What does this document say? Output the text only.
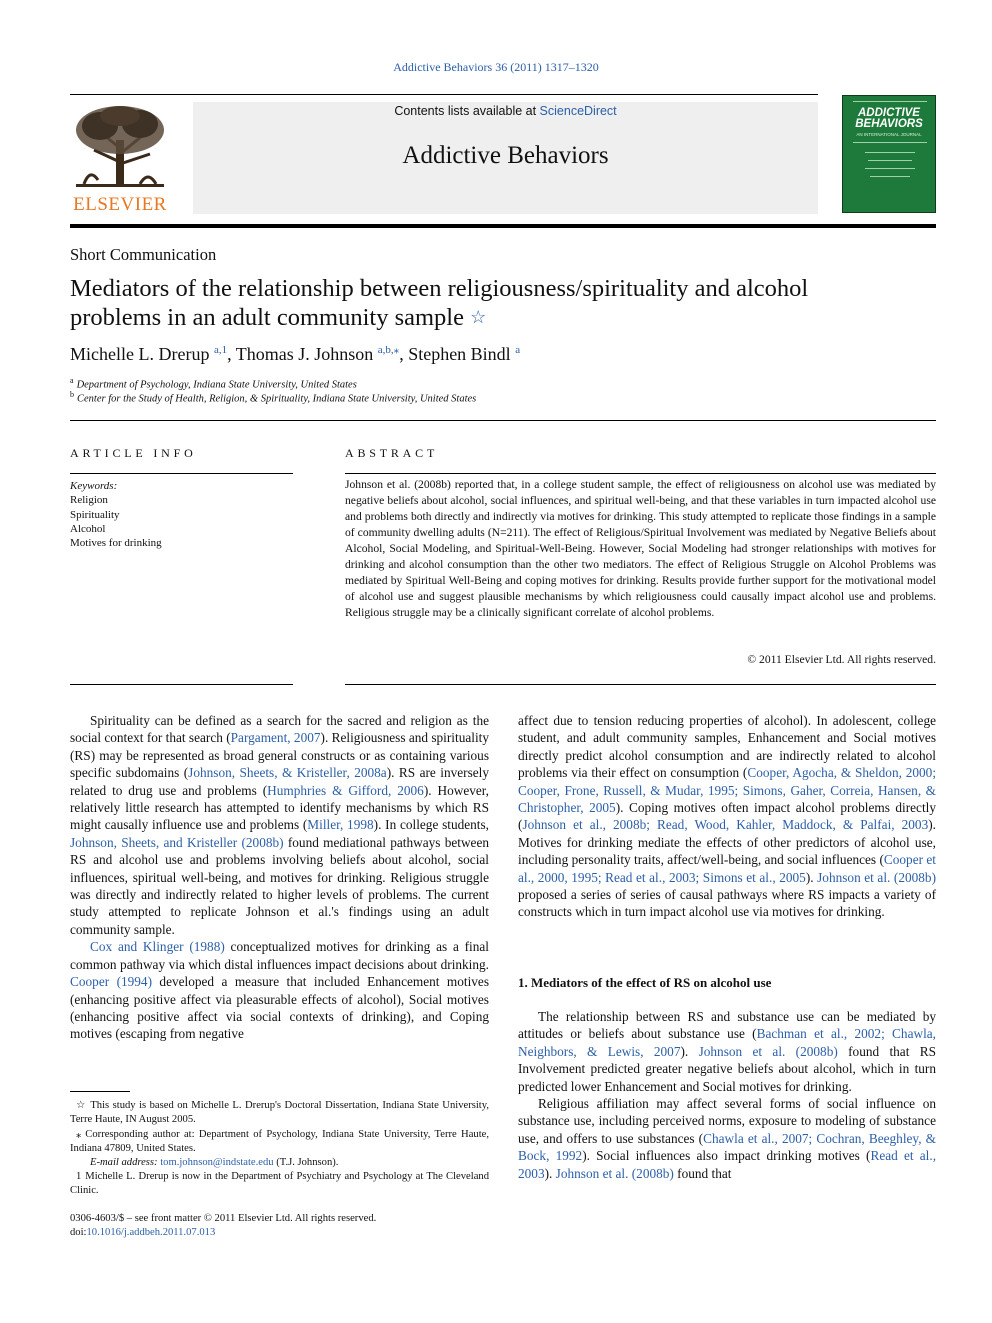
Addictive Behaviors 36 (2011) 1317–1320
ELSEVIER
Contents lists available at ScienceDirect
Addictive Behaviors
ADDICTIVE BEHAVIORS
AN INTERNATIONAL JOURNAL
Short Communication
Mediators of the relationship between religiousness/spirituality and alcohol
problems in an adult community sample ☆
Michelle L. Drerup $^{a,1}$, Thomas J. Johnson $^{a,b,⁎}$, Stephen Bindl $^a$
$^a$ Department of Psychology, Indiana State University, United States
$^b$ Center for the Study of Health, Religion, & Spirituality, Indiana State University, United States
ARTICLE INFO
Keywords:
Religion
Spirituality
Alcohol
Motives for drinking
ABSTRACT
Johnson et al. (2008b) reported that, in a college student sample, the effect of religiousness on alcohol use was mediated by negative beliefs about alcohol, social influences, and spiritual well-being, and that these variables in turn impacted alcohol use and problems both directly and indirectly via motives for drinking. This study attempted to replicate those findings in a sample of community dwelling adults (N=211). The effect of Religious/Spiritual Involvement was mediated by Negative Beliefs about Alcohol, Social Modeling, and Spiritual-Well-Being. However, Social Modeling had stronger relationships with motives for drinking and alcohol consumption than the other two mediators. The effect of Religious Struggle on Alcohol Problems was mediated by Spiritual Well-Being and coping motives for drinking. Results provide further support for the motivational model of alcohol use and suggest plausible mechanisms by which religiousness could causally impact alcohol use and problems. Religious struggle may be a clinically significant correlate of alcohol problems.
© 2011 Elsevier Ltd. All rights reserved.

Spirituality can be defined as a search for the sacred and religion as the social context for that search (Pargament, 2007). Religiousness and spirituality (RS) may be represented as broad general constructs or as containing various specific subdomains (Johnson, Sheets, & Kristeller, 2008a). RS are inversely related to drug use and problems (Humphries & Gifford, 2006). However, relatively little research has attempted to identify mechanisms by which RS might causally influence use and problems (Miller, 1998). In college students, Johnson, Sheets, and Kristeller (2008b) found mediational pathways between RS and alcohol use and problems involving beliefs about alcohol, social influences, spiritual well-being, and motives for drinking. Religious struggle was directly and indirectly related to higher levels of problems. The current study attempted to replicate Johnson et al.'s findings using an adult community sample.

Cox and Klinger (1988) conceptualized motives for drinking as a final common pathway via which distal influences impact decisions about drinking. Cooper (1994) developed a measure that included Enhancement motives (enhancing positive affect via pleasurable effects of alcohol), Social motives (enhancing positive affect via social contexts of drinking), and Coping motives (escaping from negative

affect due to tension reducing properties of alcohol). In adolescent, college student, and adult community samples, Enhancement and Social motives directly predict alcohol consumption and are indirectly related to alcohol problems via their effect on consumption (Cooper, Agocha, & Sheldon, 2000; Cooper, Frone, Russell, & Mudar, 1995; Simons, Gaher, Correia, Hansen, & Christopher, 2005). Coping motives often impact alcohol problems directly (Johnson et al., 2008b; Read, Wood, Kahler, Maddock, & Palfai, 2003). Motives for drinking mediate the effects of other predictors of alcohol use, including personality traits, affect/well-being, and social influences (Cooper et al., 2000, 1995; Read et al., 2003; Simons et al., 2005). Johnson et al. (2008b) proposed a series of series of causal pathways where RS impacts a variety of constructs which in turn impact alcohol use via motives for drinking.

1. Mediators of the effect of RS on alcohol use

The relationship between RS and substance use can be mediated by attitudes or beliefs about substance use (Bachman et al., 2002; Chawla, Neighbors, & Lewis, 2007). Johnson et al. (2008b) found that RS Involvement predicted greater negative beliefs about alcohol, which in turn predicted lower Enhancement and Social motives for drinking.

Religious affiliation may affect several forms of social influence on substance use, including perceived norms, exposure to modeling of substance use, and offers to use substances (Chawla et al., 2007; Cochran, Beeghley, & Bock, 1992). Social influences also impact drinking motives (Read et al., 2003). Johnson et al. (2008b) found that

☆ This study is based on Michelle L. Drerup's Doctoral Dissertation, Indiana State University, Terre Haute, IN August 2005.
⁎ Corresponding author at: Department of Psychology, Indiana State University, Terre Haute, Indiana 47809, United States.
E-mail address: tom.johnson@indstate.edu (T.J. Johnson).
1 Michelle L. Drerup is now in the Department of Psychiatry and Psychology at The Cleveland Clinic.
0306-4603/$ – see front matter © 2011 Elsevier Ltd. All rights reserved.
doi:10.1016/j.addbeh.2011.07.013
